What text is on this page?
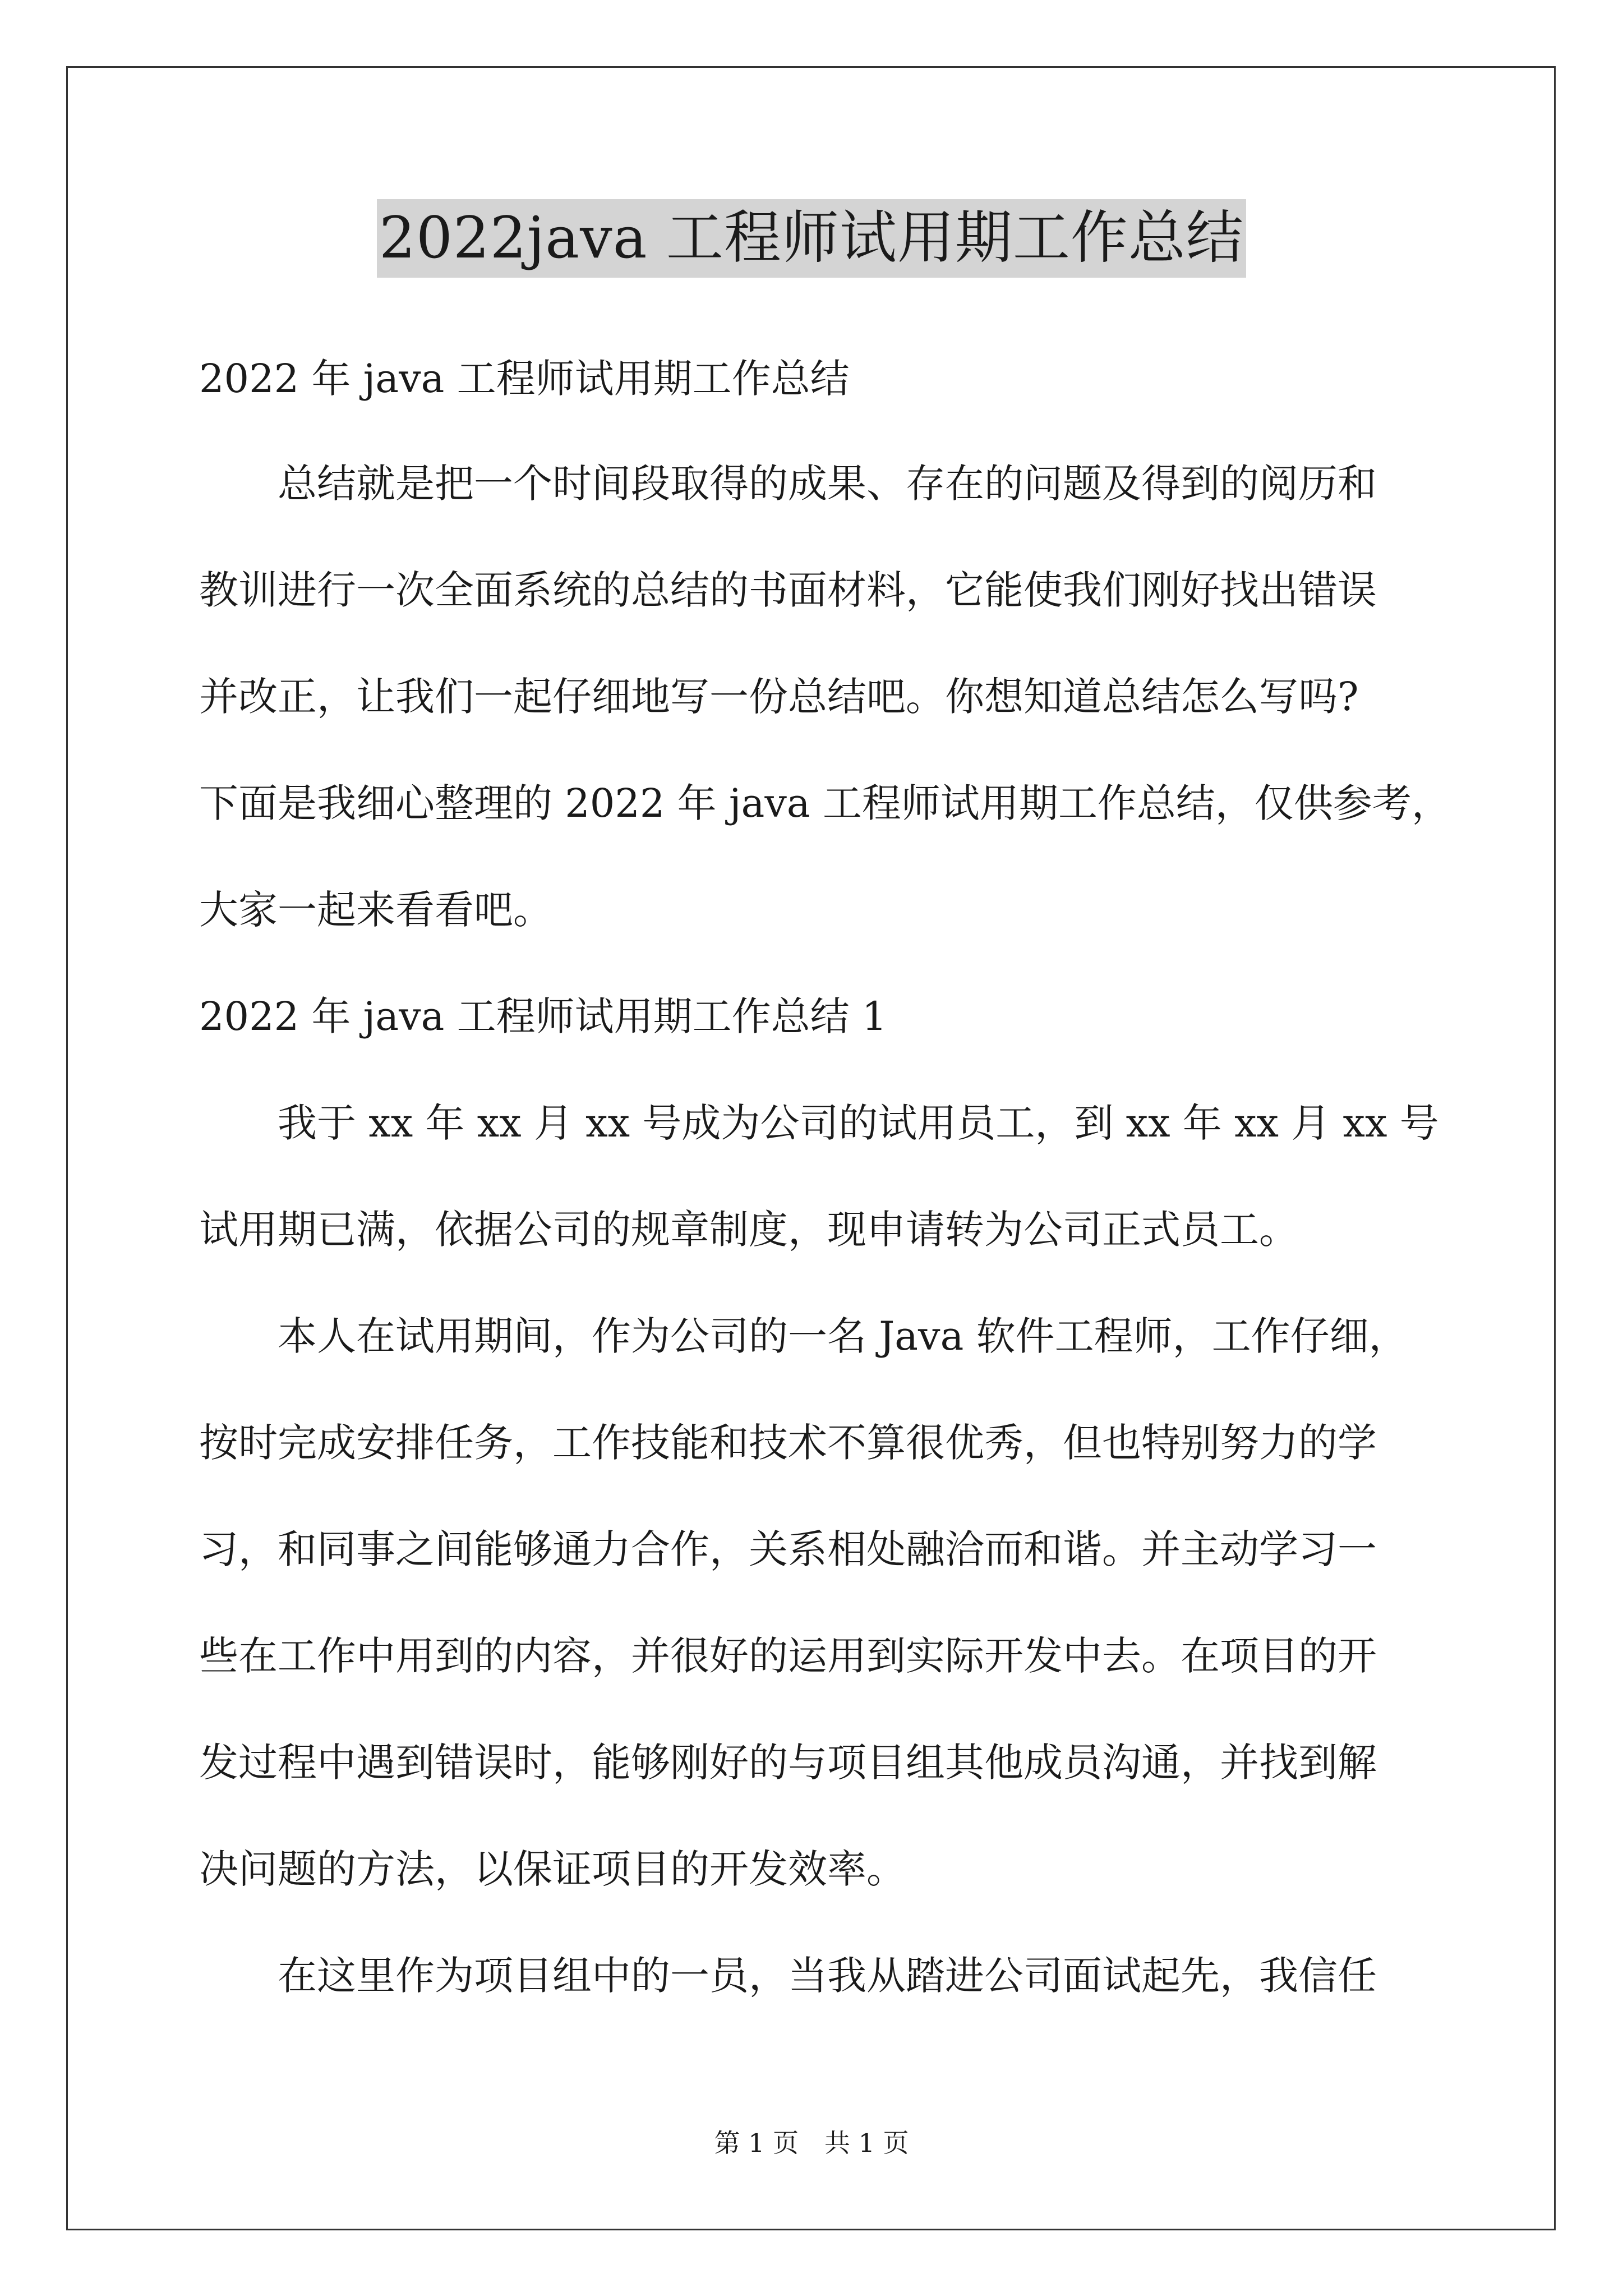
2022java 工程师试用期工作总结
2022 年 java 工程师试用期工作总结
　　总结就是把一个时间段取得的成果、存在的问题及得到的阅历和
教训进行一次全面系统的总结的书面材料，它能使我们刚好找出错误
并改正，让我们一起仔细地写一份总结吧。你想知道总结怎么写吗?
下面是我细心整理的 2022 年 java 工程师试用期工作总结，仅供参考，
大家一起来看看吧。
2022 年 java 工程师试用期工作总结 1
　　我于 xx 年 xx 月 xx 号成为公司的试用员工，到 xx 年 xx 月 xx 号
试用期已满，依据公司的规章制度，现申请转为公司正式员工。
　　本人在试用期间，作为公司的一名 Java 软件工程师，工作仔细，
按时完成安排任务，工作技能和技术不算很优秀，但也特别努力的学
习，和同事之间能够通力合作，关系相处融洽而和谐。并主动学习一
些在工作中用到的内容，并很好的运用到实际开发中去。在项目的开
发过程中遇到错误时，能够刚好的与项目组其他成员沟通，并找到解
决问题的方法，以保证项目的开发效率。
　　在这里作为项目组中的一员，当我从踏进公司面试起先，我信任
第 1 页　共 1 页
